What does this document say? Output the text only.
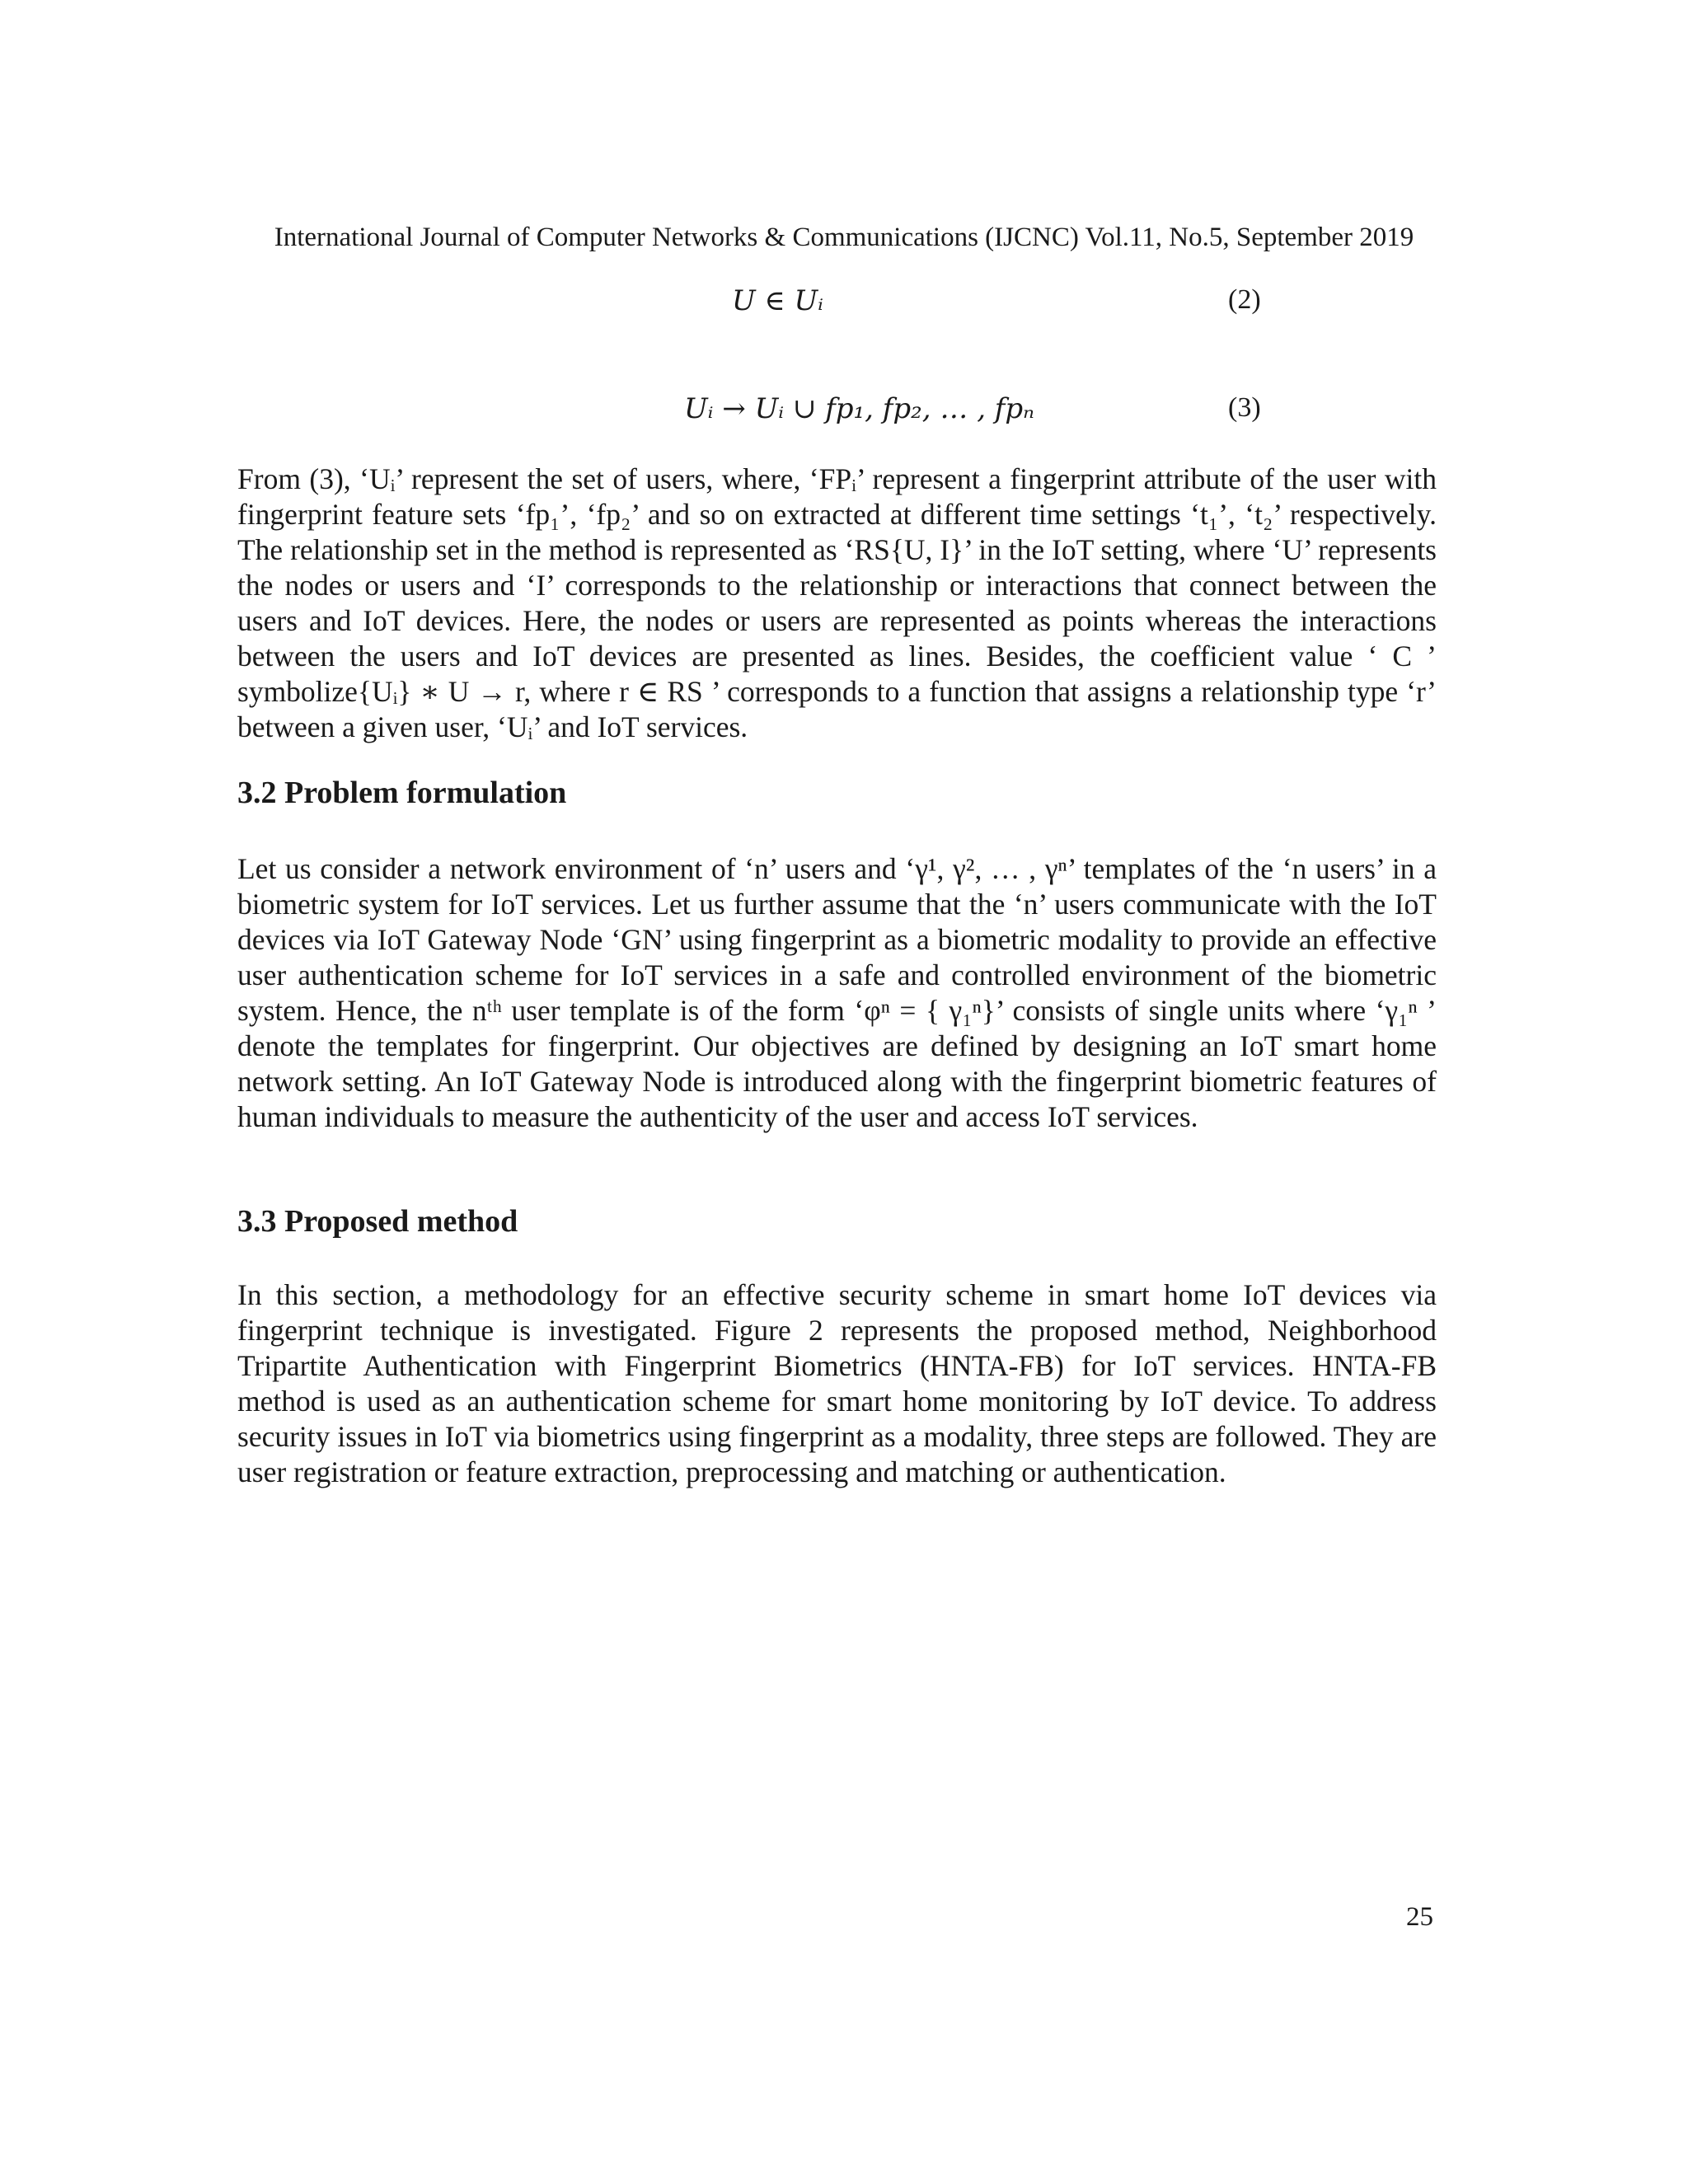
International Journal of Computer Networks & Communications (IJCNC) Vol.11, No.5, September 2019
U ∈ Uᵢ	(2)
Uᵢ → Uᵢ ∪ fp₁, fp₂, … , fpₙ	(3)
From (3), ‘Uᵢ’ represent the set of users, where, ‘FPᵢ’ represent a fingerprint attribute of the user with fingerprint feature sets ‘fp₁’, ‘fp₂’ and so on extracted at different time settings ‘t₁’, ‘t₂’ respectively. The relationship set in the method is represented as ‘RS{U, I}’ in the IoT setting, where ‘U’ represents the nodes or users and ‘I’ corresponds to the relationship or interactions that connect between the users and IoT devices. Here, the nodes or users are represented as points whereas the interactions between the users and IoT devices are presented as lines. Besides, the coefficient value ‘ C ’ symbolize{Uᵢ} ∗ U → r, where r ∈ RS ’ corresponds to a function that assigns a relationship type ‘r’ between a given user, ‘Uᵢ’ and IoT services.
3.2 Problem formulation
Let us consider a network environment of ‘n’ users and ‘γ¹, γ², … , γⁿ’ templates of the ‘n users’ in a biometric system for IoT services. Let us further assume that the ‘n’ users communicate with the IoT devices via IoT Gateway Node ‘GN’ using fingerprint as a biometric modality to provide an effective user authentication scheme for IoT services in a safe and controlled environment of the biometric system. Hence, the nᵗʰ user template is of the form ‘φⁿ = { γ₁ⁿ}’ consists of single units where ‘γ₁ⁿ ’ denote the templates for fingerprint. Our objectives are defined by designing an IoT smart home network setting. An IoT Gateway Node is introduced along with the fingerprint biometric features of human individuals to measure the authenticity of the user and access IoT services.
3.3 Proposed method
In this section, a methodology for an effective security scheme in smart home IoT devices via fingerprint technique is investigated. Figure 2 represents the proposed method, Neighborhood Tripartite Authentication with Fingerprint Biometrics (HNTA-FB) for IoT services. HNTA-FB method is used as an authentication scheme for smart home monitoring by IoT device. To address security issues in IoT via biometrics using fingerprint as a modality, three steps are followed. They are user registration or feature extraction, preprocessing and matching or authentication.
25
